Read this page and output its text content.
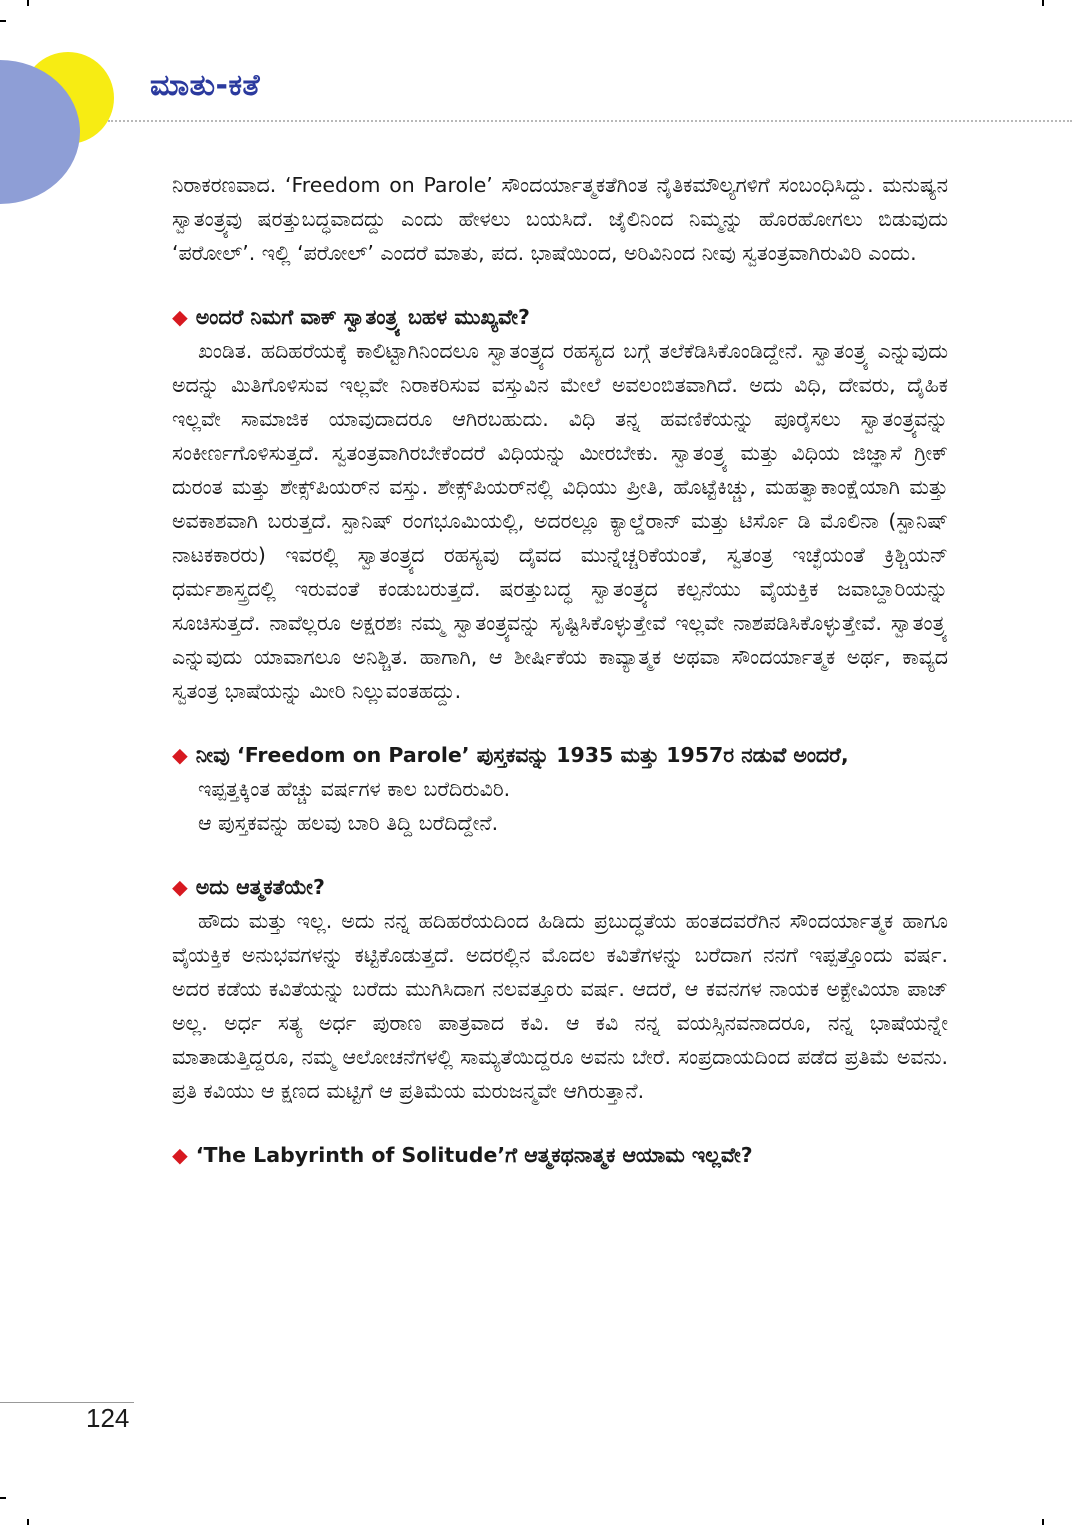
ಮಾತು-ಕತೆ

ನಿರಾಕರಣವಾದ. ‘Freedom on Parole’ ಸೌಂದರ್ಯಾತ್ಮಕತೆಗಿಂತ ನೈತಿಕಮೌಲ್ಯಗಳಿಗೆ ಸಂಬಂಧಿಸಿದ್ದು. ಮನುಷ್ಯನ ಸ್ವಾತಂತ್ರ್ಯವು ಷರತ್ತುಬದ್ಧವಾದದ್ದು ಎಂದು ಹೇಳಲು ಬಯಸಿದೆ. ಜೈಲಿನಿಂದ ನಿಮ್ಮನ್ನು ಹೊರಹೋಗಲು ಬಿಡುವುದು ‘ಪರೋಲ್’. ಇಲ್ಲಿ ‘ಪರೋಲ್’ ಎಂದರೆ ಮಾತು, ಪದ. ಭಾಷೆಯಿಂದ, ಅರಿವಿನಿಂದ ನೀವು ಸ್ವತಂತ್ರವಾಗಿರುವಿರಿ ಎಂದು.

◆ ಅಂದರೆ ನಿಮಗೆ ವಾಕ್ ಸ್ವಾತಂತ್ರ್ಯ ಬಹಳ ಮುಖ್ಯವೇ?

ಖಂಡಿತ. ಹದಿಹರೆಯಕ್ಕೆ ಕಾಲಿಟ್ಟಾಗಿನಿಂದಲೂ ಸ್ವಾತಂತ್ರ್ಯದ ರಹಸ್ಯದ ಬಗ್ಗೆ ತಲೆಕೆಡಿಸಿಕೊಂಡಿದ್ದೇನೆ. ಸ್ವಾತಂತ್ರ್ಯ ಎನ್ನುವುದು ಅದನ್ನು ಮಿತಿಗೊಳಿಸುವ ಇಲ್ಲವೇ ನಿರಾಕರಿಸುವ ವಸ್ತುವಿನ ಮೇಲೆ ಅವಲಂಬಿತವಾಗಿದೆ. ಅದು ವಿಧಿ, ದೇವರು, ದೈಹಿಕ ಇಲ್ಲವೇ ಸಾಮಾಜಿಕ ಯಾವುದಾದರೂ ಆಗಿರಬಹುದು. ವಿಧಿ ತನ್ನ ಹವಣಿಕೆಯನ್ನು ಪೂರೈಸಲು ಸ್ವಾತಂತ್ರ್ಯವನ್ನು ಸಂಕೀರ್ಣಗೊಳಿಸುತ್ತದೆ. ಸ್ವತಂತ್ರವಾಗಿರಬೇಕೆಂದರೆ ವಿಧಿಯನ್ನು ಮೀರಬೇಕು. ಸ್ವಾತಂತ್ರ್ಯ ಮತ್ತು ವಿಧಿಯ ಜಿಜ್ಞಾಸೆ ಗ್ರೀಕ್ ದುರಂತ ಮತ್ತು ಶೇಕ್ಸ್‌ಪಿಯರ್‌ನ ವಸ್ತು. ಶೇಕ್ಸ್‌ಪಿಯರ್‌ನಲ್ಲಿ ವಿಧಿಯು ಪ್ರೀತಿ, ಹೊಟ್ಟೆಕಿಚ್ಚು, ಮಹತ್ವಾಕಾಂಕ್ಷೆಯಾಗಿ ಮತ್ತು ಅವಕಾಶವಾಗಿ ಬರುತ್ತದೆ. ಸ್ಪಾನಿಷ್ ರಂಗಭೂಮಿಯಲ್ಲಿ, ಅದರಲ್ಲೂ ಕ್ಯಾಲ್ಡೆರಾನ್ ಮತ್ತು ಟಿರ್ಸೊ ಡಿ ಮೊಲಿನಾ (ಸ್ಪಾನಿಷ್ ನಾಟಕಕಾರರು) ಇವರಲ್ಲಿ ಸ್ವಾತಂತ್ರ್ಯದ ರಹಸ್ಯವು ದೈವದ ಮುನ್ನೆಚ್ಚರಿಕೆಯಂತೆ, ಸ್ವತಂತ್ರ ಇಚ್ಛೆಯಂತೆ ಕ್ರಿಶ್ಚಿಯನ್ ಧರ್ಮಶಾಸ್ತ್ರದಲ್ಲಿ ಇರುವಂತೆ ಕಂಡುಬರುತ್ತದೆ. ಷರತ್ತುಬದ್ಧ ಸ್ವಾತಂತ್ರ್ಯದ ಕಲ್ಪನೆಯು ವೈಯಕ್ತಿಕ ಜವಾಬ್ದಾರಿಯನ್ನು ಸೂಚಿಸುತ್ತದೆ. ನಾವೆಲ್ಲರೂ ಅಕ್ಷರಶಃ ನಮ್ಮ ಸ್ವಾತಂತ್ರ್ಯವನ್ನು ಸೃಷ್ಟಿಸಿಕೊಳ್ಳುತ್ತೇವೆ ಇಲ್ಲವೇ ನಾಶಪಡಿಸಿಕೊಳ್ಳುತ್ತೇವೆ. ಸ್ವಾತಂತ್ರ್ಯ ಎನ್ನುವುದು ಯಾವಾಗಲೂ ಅನಿಶ್ಚಿತ. ಹಾಗಾಗಿ, ಆ ಶೀರ್ಷಿಕೆಯ ಕಾವ್ಯಾತ್ಮಕ ಅಥವಾ ಸೌಂದರ್ಯಾತ್ಮಕ ಅರ್ಥ, ಕಾವ್ಯದ ಸ್ವತಂತ್ರ ಭಾಷೆಯನ್ನು ಮೀರಿ ನಿಲ್ಲುವಂತಹದ್ದು.

◆ ನೀವು ‘Freedom on Parole’ ಪುಸ್ತಕವನ್ನು 1935 ಮತ್ತು 1957ರ ನಡುವೆ ಅಂದರೆ,

ಇಪ್ಪತ್ತಕ್ಕಿಂತ ಹೆಚ್ಚು ವರ್ಷಗಳ ಕಾಲ ಬರೆದಿರುವಿರಿ.

ಆ ಪುಸ್ತಕವನ್ನು ಹಲವು ಬಾರಿ ತಿದ್ದಿ ಬರೆದಿದ್ದೇನೆ.

◆ ಅದು ಆತ್ಮಕತೆಯೇ?

ಹೌದು ಮತ್ತು ಇಲ್ಲ. ಅದು ನನ್ನ ಹದಿಹರೆಯದಿಂದ ಹಿಡಿದು ಪ್ರಬುದ್ಧತೆಯ ಹಂತದವರೆಗಿನ ಸೌಂದರ್ಯಾತ್ಮಕ ಹಾಗೂ ವೈಯಕ್ತಿಕ ಅನುಭವಗಳನ್ನು ಕಟ್ಟಿಕೊಡುತ್ತದೆ. ಅದರಲ್ಲಿನ ಮೊದಲ ಕವಿತೆಗಳನ್ನು ಬರೆದಾಗ ನನಗೆ ಇಪ್ಪತ್ತೊಂದು ವರ್ಷ. ಅದರ ಕಡೆಯ ಕವಿತೆಯನ್ನು ಬರೆದು ಮುಗಿಸಿದಾಗ ನಲವತ್ತೂರು ವರ್ಷ. ಆದರೆ, ಆ ಕವನಗಳ ನಾಯಕ ಅಕ್ಟೇವಿಯಾ ಪಾಜ್ ಅಲ್ಲ. ಅರ್ಧ ಸತ್ಯ ಅರ್ಧ ಪುರಾಣ ಪಾತ್ರವಾದ ಕವಿ. ಆ ಕವಿ ನನ್ನ ವಯಸ್ಸಿನವನಾದರೂ, ನನ್ನ ಭಾಷೆಯನ್ನೇ ಮಾತಾಡುತ್ತಿದ್ದರೂ, ನಮ್ಮ ಆಲೋಚನೆಗಳಲ್ಲಿ ಸಾಮ್ಯತೆಯಿದ್ದರೂ ಅವನು ಬೇರೆ. ಸಂಪ್ರದಾಯದಿಂದ ಪಡೆದ ಪ್ರತಿಮೆ ಅವನು. ಪ್ರತಿ ಕವಿಯು ಆ ಕ್ಷಣದ ಮಟ್ಟಿಗೆ ಆ ಪ್ರತಿಮೆಯ ಮರುಜನ್ಮವೇ ಆಗಿರುತ್ತಾನೆ.

◆ ‘The Labyrinth of Solitude’ಗೆ ಆತ್ಮಕಥನಾತ್ಮಕ ಆಯಾಮ ಇಲ್ಲವೇ?

124
